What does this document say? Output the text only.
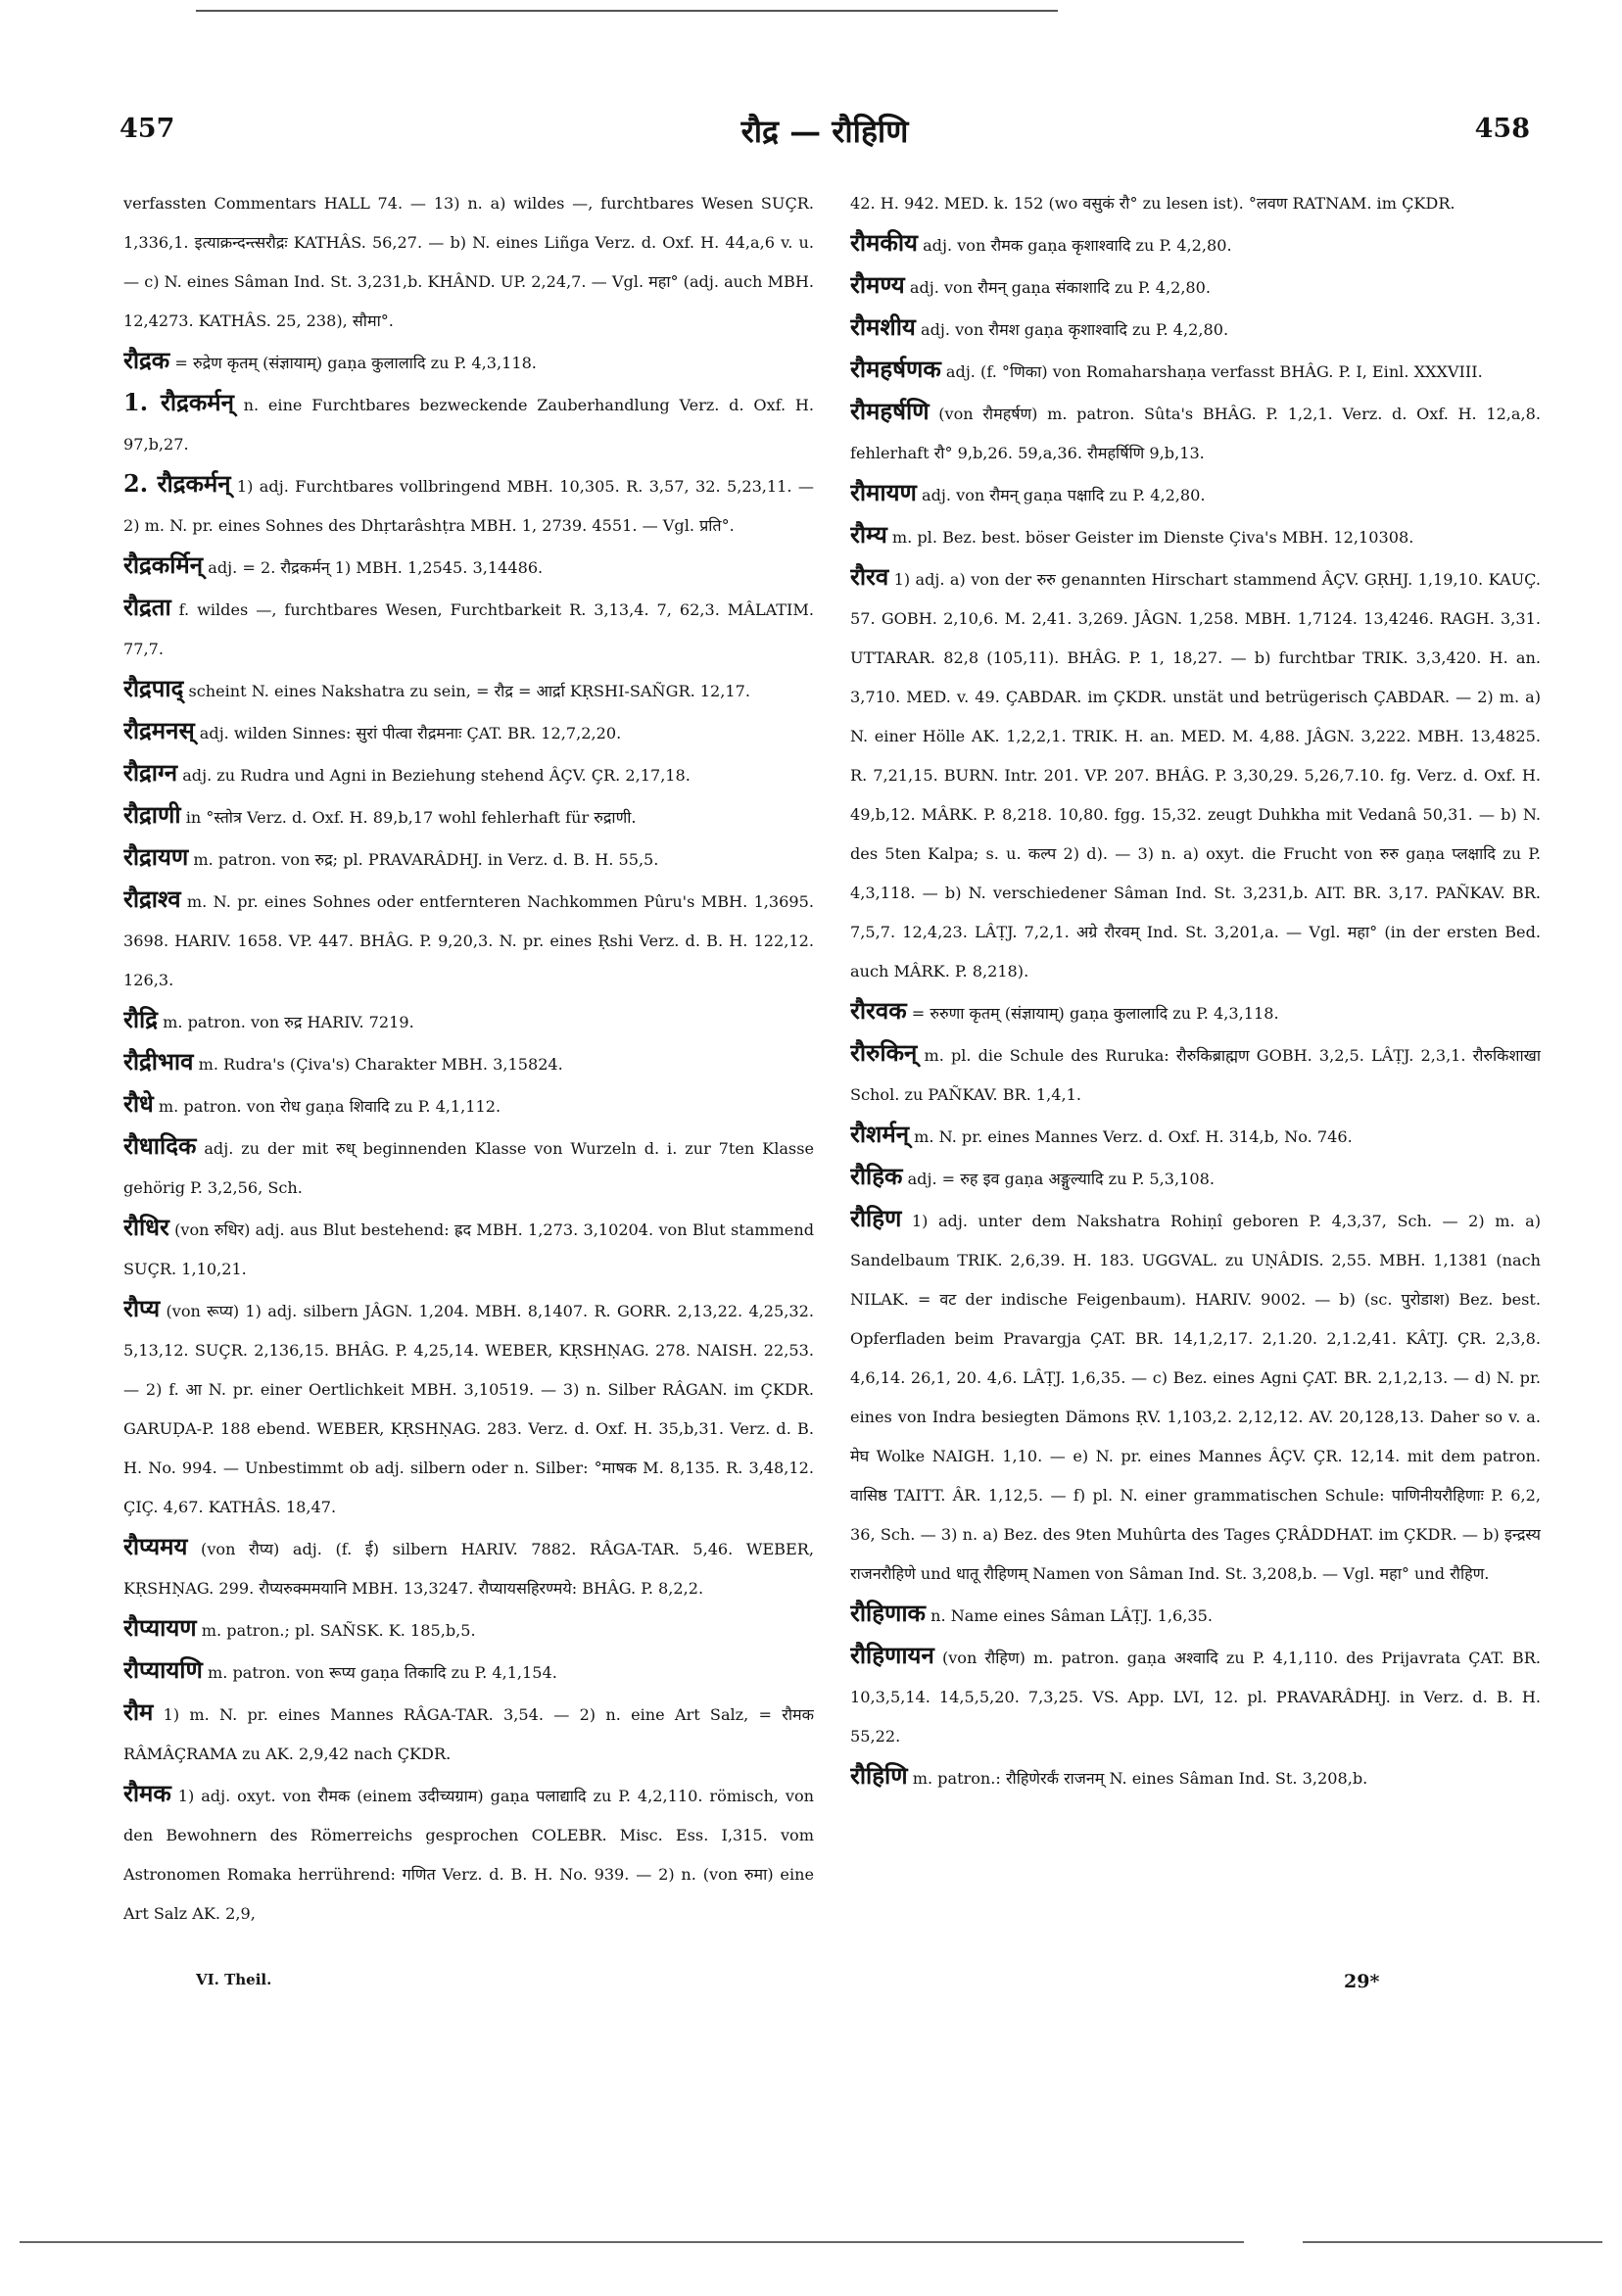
457	रौद्र — रौहिणि	458

verfassten Commentars HALL 74. — 13) n. a) wildes —, furchtbares Wesen SUÇR. 1,336,1. इत्याक्रन्दन्त्सरौद्रः KATHÂS. 56,27. — b) N. eines Liñga Verz. d. Oxf. H. 44,a,6 v. u. — c) N. eines Sâman Ind. St. 3,231,b. KHÂND. UP. 2,24,7. — Vgl. महा° (adj. auch MBH. 12,4273. KATHÂS. 25, 238), सौमा°.

रौद्रक = रुद्रेण कृतम् (संज्ञायाम्) gaṇa कुलालादि zu P. 4,3,118.

1. रौद्रकर्मन् n. eine Furchtbares bezweckende Zauberhandlung Verz. d. Oxf. H. 97,b,27.

2. रौद्रकर्मन् 1) adj. Furchtbares vollbringend MBH. 10,305. R. 3,57, 32. 5,23,11. — 2) m. N. pr. eines Sohnes des Dhṛtarâshṭra MBH. 1, 2739. 4551. — Vgl. प्रति°.

रौद्रकर्मिन् adj. = 2. रौद्रकर्मन् 1) MBH. 1,2545. 3,14486.

रौद्रता f. wildes —, furchtbares Wesen, Furchtbarkeit R. 3,13,4. 7, 62,3. MÂLATIM. 77,7.

रौद्रपाद् scheint N. eines Nakshatra zu sein, = रौद्र = आर्द्रा KṚSHI-SAÑGR. 12,17.

रौद्रमनस् adj. wilden Sinnes: सुरां पीत्वा रौद्रमनाः ÇAT. BR. 12,7,2,20.

रौद्राग्न adj. zu Rudra und Agni in Beziehung stehend ÂÇV. ÇR. 2,17,18.

रौद्राणी in °स्तोत्र Verz. d. Oxf. H. 89,b,17 wohl fehlerhaft für रुद्राणी.

रौद्रायण m. patron. von रुद्र; pl. PRAVARÂDHJ. in Verz. d. B. H. 55,5.

रौद्राश्व m. N. pr. eines Sohnes oder entfernteren Nachkommen Pûru's MBH. 1,3695. 3698. HARIV. 1658. VP. 447. BHÂG. P. 9,20,3. N. pr. eines Ṛshi Verz. d. B. H. 122,12. 126,3.

रौद्रि m. patron. von रुद्र HARIV. 7219.

रौद्रीभाव m. Rudra's (Çiva's) Charakter MBH. 3,15824.

रौधे m. patron. von रोध gaṇa शिवादि zu P. 4,1,112.

रौधादिक adj. zu der mit रुध् beginnenden Klasse von Wurzeln d. i. zur 7ten Klasse gehörig P. 3,2,56, Sch.

रौधिर (von रुधिर) adj. aus Blut bestehend: ह्रद MBH. 1,273. 3,10204. von Blut stammend SUÇR. 1,10,21.

रौप्य (von रूप्य) 1) adj. silbern JÂGN. 1,204. MBH. 8,1407. R. GORR. 2,13,22. 4,25,32. 5,13,12. SUÇR. 2,136,15. BHÂG. P. 4,25,14. WEBER, KṚSHṆAG. 278. NAISH. 22,53. — 2) f. आ N. pr. einer Oertlichkeit MBH. 3,10519. — 3) n. Silber RÂGAN. im ÇKDR. GARUḌA-P. 188 ebend. WEBER, KṚSHṆAG. 283. Verz. d. Oxf. H. 35,b,31. Verz. d. B. H. No. 994. — Unbestimmt ob adj. silbern oder n. Silber: °माषक M. 8,135. R. 3,48,12. ÇIÇ. 4,67. KATHÂS. 18,47.

रौप्यमय (von रौप्य) adj. (f. ई) silbern HARIV. 7882. RÂGA-TAR. 5,46. WEBER, KṚSHṆAG. 299. रौप्यरुक्ममयानि MBH. 13,3247. रौप्यायसहिरण्मये: BHÂG. P. 8,2,2.

रौप्यायण m. patron.; pl. SAÑSK. K. 185,b,5.

रौप्यायणि m. patron. von रूप्य gaṇa तिकादि zu P. 4,1,154.

रौम 1) m. N. pr. eines Mannes RÂGA-TAR. 3,54. — 2) n. eine Art Salz, = रौमक RÂMÂÇRAMA zu AK. 2,9,42 nach ÇKDR.

रौमक 1) adj. oxyt. von रौमक (einem उदीच्यग्राम) gaṇa पलाद्यादि zu P. 4,2,110. römisch, von den Bewohnern des Römerreichs gesprochen COLEBR. Misc. Ess. I,315. vom Astronomen Romaka herrührend: गणित Verz. d. B. H. No. 939. — 2) n. (von रुमा) eine Art Salz AK. 2,9,

42. H. 942. MED. k. 152 (wo वसुकं रौ° zu lesen ist). °लवण RATNAM. im ÇKDR.

रौमकीय adj. von रौमक gaṇa कृशाश्वादि zu P. 4,2,80.

रौमण्य adj. von रौमन् gaṇa संकाशादि zu P. 4,2,80.

रौमशीय adj. von रौमश gaṇa कृशाश्वादि zu P. 4,2,80.

रौमहर्षणक adj. (f. °णिका) von Romaharshaṇa verfasst BHÂG. P. I, Einl. XXXVIII.

रौमहर्षणि (von रौमहर्षण) m. patron. Sûta's BHÂG. P. 1,2,1. Verz. d. Oxf. H. 12,a,8. fehlerhaft रौ° 9,b,26. 59,a,36. रौमहर्षिणि 9,b,13.

रौमायण adj. von रौमन् gaṇa पक्षादि zu P. 4,2,80.

रौम्य m. pl. Bez. best. böser Geister im Dienste Çiva's MBH. 12,10308.

रौरव 1) adj. a) von der रुरु genannten Hirschart stammend ÂÇV. GṚHJ. 1,19,10. KAUÇ. 57. GOBH. 2,10,6. M. 2,41. 3,269. JÂGN. 1,258. MBH. 1,7124. 13,4246. RAGH. 3,31. UTTARAR. 82,8 (105,11). BHÂG. P. 1, 18,27. — b) furchtbar TRIK. 3,3,420. H. an. 3,710. MED. v. 49. ÇABDAR. im ÇKDR. unstät und betrügerisch ÇABDAR. — 2) m. a) N. einer Hölle AK. 1,2,2,1. TRIK. H. an. MED. M. 4,88. JÂGN. 3,222. MBH. 13,4825. R. 7,21,15. BURN. Intr. 201. VP. 207. BHÂG. P. 3,30,29. 5,26,7.10. fg. Verz. d. Oxf. H. 49,b,12. MÂRK. P. 8,218. 10,80. fgg. 15,32. zeugt Duhkha mit Vedanâ 50,31. — b) N. des 5ten Kalpa; s. u. कल्प 2) d). — 3) n. a) oxyt. die Frucht von रुरु gaṇa प्लक्षादि zu P. 4,3,118. — b) N. verschiedener Sâman Ind. St. 3,231,b. AIT. BR. 3,17. PAÑKAV. BR. 7,5,7. 12,4,23. LÂṬJ. 7,2,1. अग्रे रौरवम् Ind. St. 3,201,a. — Vgl. महा° (in der ersten Bed. auch MÂRK. P. 8,218).

रौरवक = रुरुणा कृतम् (संज्ञायाम्) gaṇa कुलालादि zu P. 4,3,118.

रौरुकिन् m. pl. die Schule des Ruruka: रौरुकिब्राह्मण GOBH. 3,2,5. LÂṬJ. 2,3,1. रौरुकिशाखा Schol. zu PAÑKAV. BR. 1,4,1.

रौशर्मन् m. N. pr. eines Mannes Verz. d. Oxf. H. 314,b, No. 746.

रौहिक adj. = रुह इव gaṇa अङ्गुल्यादि zu P. 5,3,108.

रौहिण 1) adj. unter dem Nakshatra Rohiṇî geboren P. 4,3,37, Sch. — 2) m. a) Sandelbaum TRIK. 2,6,39. H. 183. UGGVAL. zu UṆÂDIS. 2,55. MBH. 1,1381 (nach NILAK. = वट der indische Feigenbaum). HARIV. 9002. — b) (sc. पुरोडाश) Bez. best. Opferfladen beim Pravargja ÇAT. BR. 14,1,2,17. 2,1.20. 2,1.2,41. KÂTJ. ÇR. 2,3,8. 4,6,14. 26,1, 20. 4,6. LÂṬJ. 1,6,35. — c) Bez. eines Agni ÇAT. BR. 2,1,2,13. — d) N. pr. eines von Indra besiegten Dämons ṚV. 1,103,2. 2,12,12. AV. 20,128,13. Daher so v. a. मेघ Wolke NAIGH. 1,10. — e) N. pr. eines Mannes ÂÇV. ÇR. 12,14. mit dem patron. वासिष्ठ TAITT. ÂR. 1,12,5. — f) pl. N. einer grammatischen Schule: पाणिनीयरौहिणाः P. 6,2, 36, Sch. — 3) n. a) Bez. des 9ten Muhûrta des Tages ÇRÂDDHAT. im ÇKDR. — b) इन्द्रस्य राजनरौहिणे und धातू रौहिणम् Namen von Sâman Ind. St. 3,208,b. — Vgl. महा° und रौहिण.

रौहिणाक n. Name eines Sâman LÂṬJ. 1,6,35.

रौहिणायन (von रौहिण) m. patron. gaṇa अश्वादि zu P. 4,1,110. des Prijavrata ÇAT. BR. 10,3,5,14. 14,5,5,20. 7,3,25. VS. App. LVI, 12. pl. PRAVARÂDHJ. in Verz. d. B. H. 55,22.

रौहिणि m. patron.: रौहिणेरर्कं राजनम् N. eines Sâman Ind. St. 3,208,b.

VI. Theil.	29*
